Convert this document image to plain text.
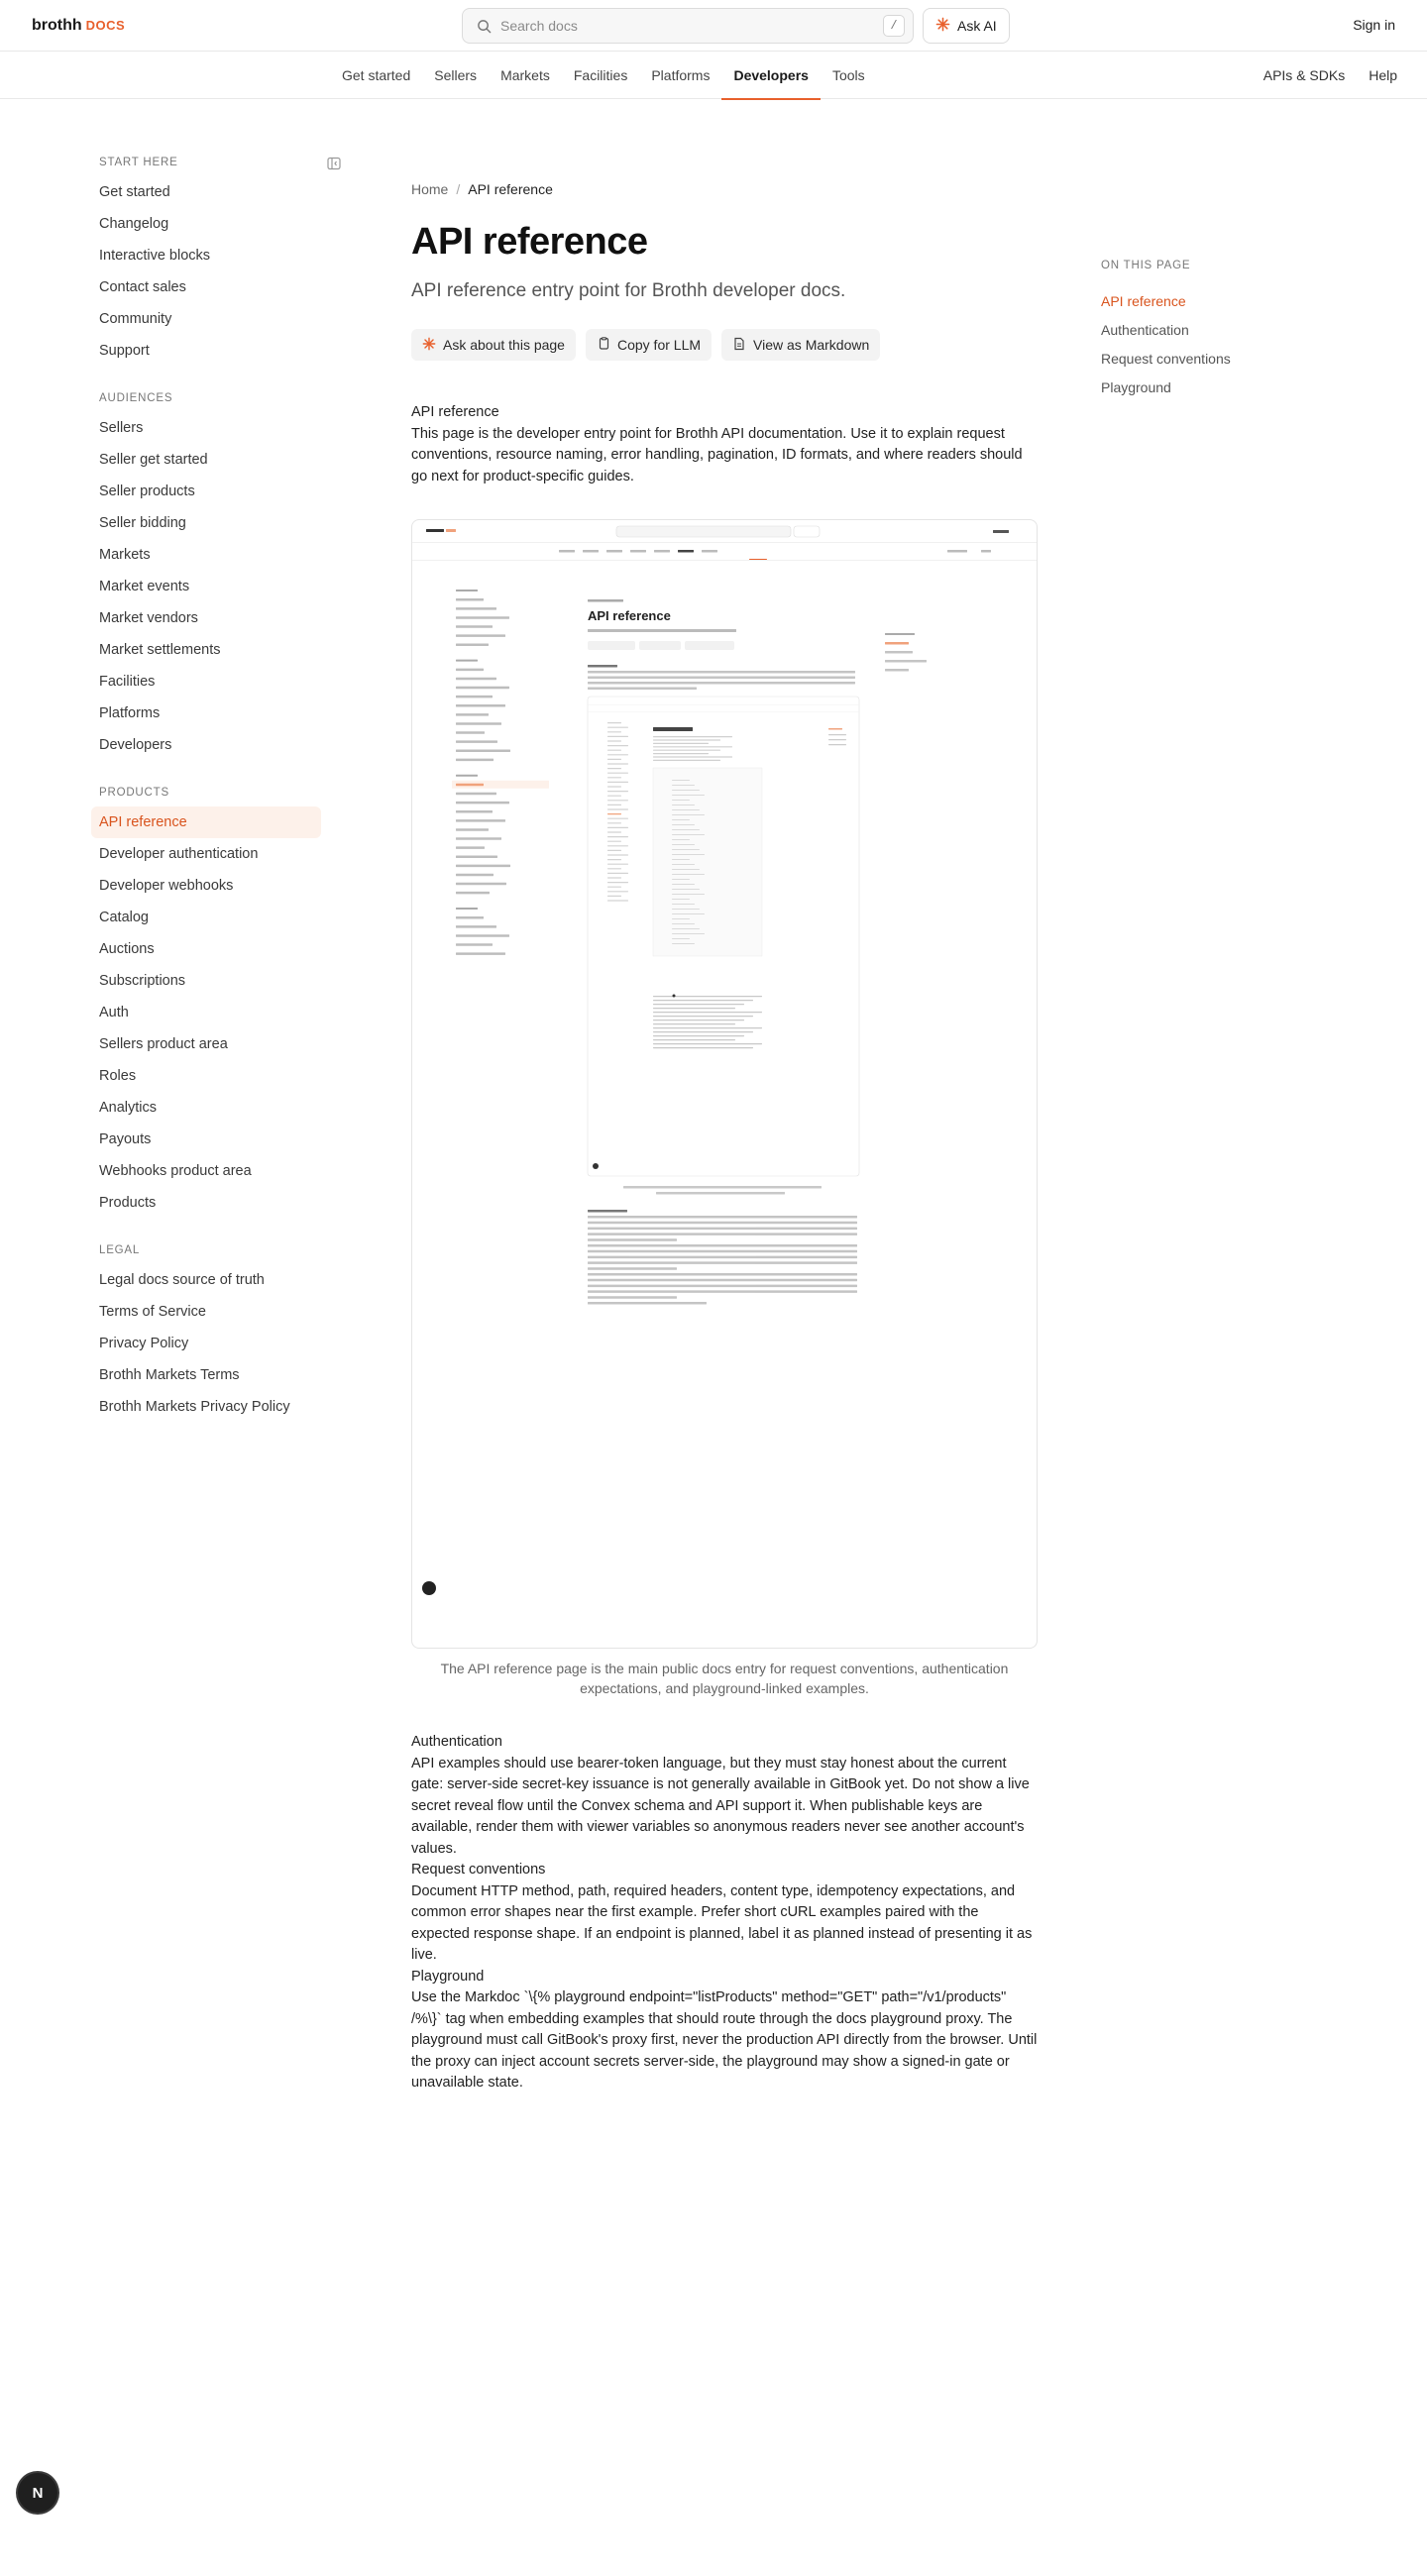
brothh DOCS
Search docs	/	Ask AI	Sign in
Get started	Sellers	Markets	Facilities	Platforms	Developers	Tools	APIs & SDKs Help
START HERE
Get started
Changelog
Interactive blocks
Contact sales
Community
Support
AUDIENCES
Sellers
Seller get started
Seller products
Seller bidding
Markets
Market events
Market vendors
Market settlements
Facilities
Platforms
Developers
PRODUCTS
API reference
Developer authentication
Developer webhooks
Catalog
Auctions
Subscriptions
Auth
Sellers product area
Roles
Analytics
Payouts
Webhooks product area
Products
LEGAL
Legal docs source of truth
Terms of Service
Privacy Policy
Brothh Markets Terms
Brothh Markets Privacy Policy
Home / API reference
API reference

API reference entry point for Brothh developer docs.

Ask about this page	Copy for LLM	View as Markdown
API reference
This page is the developer entry point for Brothh API documentation. Use it to explain request conventions, resource naming, error handling, pagination, ID formats, and where readers should go next for product-specific guides.
API reference
The API reference page is the main public docs entry for request conventions, authentication expectations, and playground-linked examples.
Authentication
API examples should use bearer-token language, but they must stay honest about the current gate: server-side secret-key issuance is not generally available in GitBook yet. Do not show a live secret reveal flow until the Convex schema and API support it. When publishable keys are available, render them with viewer variables so anonymous readers never see another account's values.
Request conventions
Document HTTP method, path, required headers, content type, idempotency expectations, and common error shapes near the first example. Prefer short cURL examples paired with the expected response shape. If an endpoint is planned, label it as planned instead of presenting it as live.
Playground
Use the Markdoc `\{% playground endpoint="listProducts" method="GET" path="/v1/products" /%\}` tag when embedding examples that should route through the docs playground proxy. The playground must call GitBook's proxy first, never the production API directly from the browser. Until the proxy can inject account secrets server-side, the playground may show a signed-in gate or unavailable state.
ON THIS PAGE
API reference
Authentication
Request conventions
Playground
N
